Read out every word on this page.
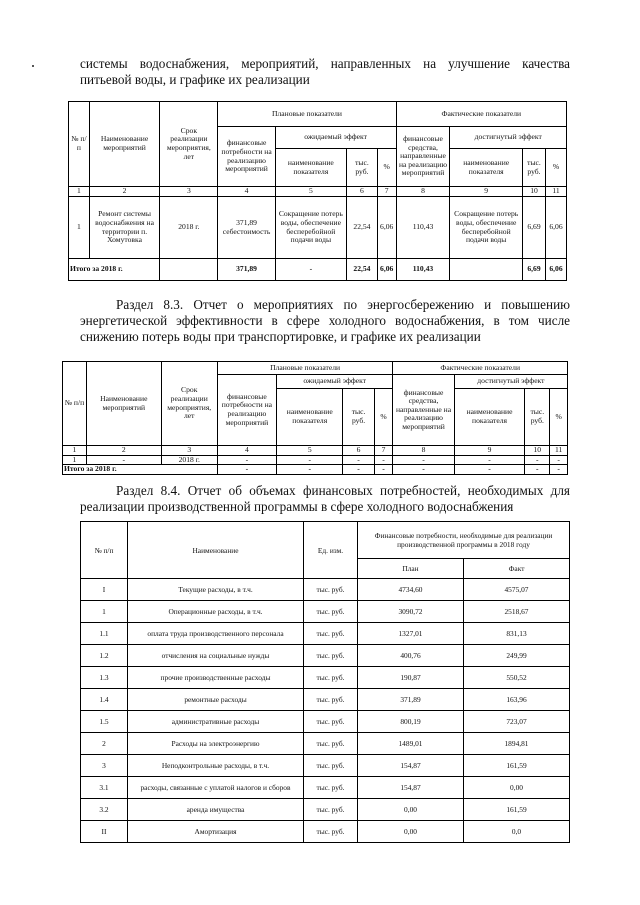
системы водоснабжения, мероприятий, направленных на улучшение качества питьевой воды, и графике их реализации

№ п/п	Наименование мероприятий	Срок реализации мероприятия, лет	Плановые показатели				Фактические показатели			
			финансовые потребности на реализацию мероприятий	ожидаемый эффект			финансовые средства, направленные на реализацию мероприятий	достигнутый эффект		
				наименование показателя	тыс. руб.	%		наименование показателя	тыс. руб.	%
1	2	3	4	5	6	7	8	9	10	11
1	Ремонт системы водоснабжения на территории п. Хомутовка	2018 г.	371,89 себестоимость	Сокращение потерь воды, обеспечение бесперебойной подачи воды	22,54	6,06	110,43	Сокращение потерь воды, обеспечение бесперебойной подачи воды	6,69	6,06
Итого за 2018 г.			371,89	-	22,54	6,06	110,43		6,69	6,06

Раздел 8.3. Отчет о мероприятиях по энергосбережению и повышению энергетической эффективности в сфере холодного водоснабжения, в том числе снижению потерь воды при транспортировке, и графике их реализации

№ п/п	Наименование мероприятий	Срок реализации мероприятия, лет	Плановые показатели				Фактические показатели			
			финансовые потребности на реализацию мероприятий	ожидаемый эффект			финансовые средства, направленные на реализацию мероприятий	достигнутый эффект		
				наименование показателя	тыс. руб.	%		наименование показателя	тыс. руб.	%
1	2	3	4	5	6	7	8	9	10	11
1	-	2018 г.	-	-	-	-	-	-	-	-
Итого за 2018 г.			-	-	-	-	-	-	-	-

Раздел 8.4. Отчет об объемах финансовых потребностей, необходимых для реализации производственной программы в сфере холодного водоснабжения

№ п/п	Наименование	Ед. изм.	Финансовые потребности, необходимые для реализации производственной программы в 2018 году	
			План	Факт
I	Текущие расходы, в т.ч.	тыс. руб.	4734,60	4575,07
1	Операционные расходы, в т.ч.	тыс. руб.	3090,72	2518,67
1.1	оплата труда производственного персонала	тыс. руб.	1327,01	831,13
1.2	отчисления на социальные нужды	тыс. руб.	400,76	249,99
1.3	прочие производственные расходы	тыс. руб.	190,87	550,52
1.4	ремонтные расходы	тыс. руб.	371,89	163,96
1.5	административные расходы	тыс. руб.	800,19	723,07
2	Расходы на электроэнергию	тыс. руб.	1489,01	1894,81
3	Неподконтрольные расходы, в т.ч.	тыс. руб.	154,87	161,59
3.1	расходы, связанные с уплатой налогов и сборов	тыс. руб.	154,87	0,00
3.2	аренда имущества	тыс. руб.	0,00	161,59
II	Амортизация	тыс. руб.	0,00	0,0
